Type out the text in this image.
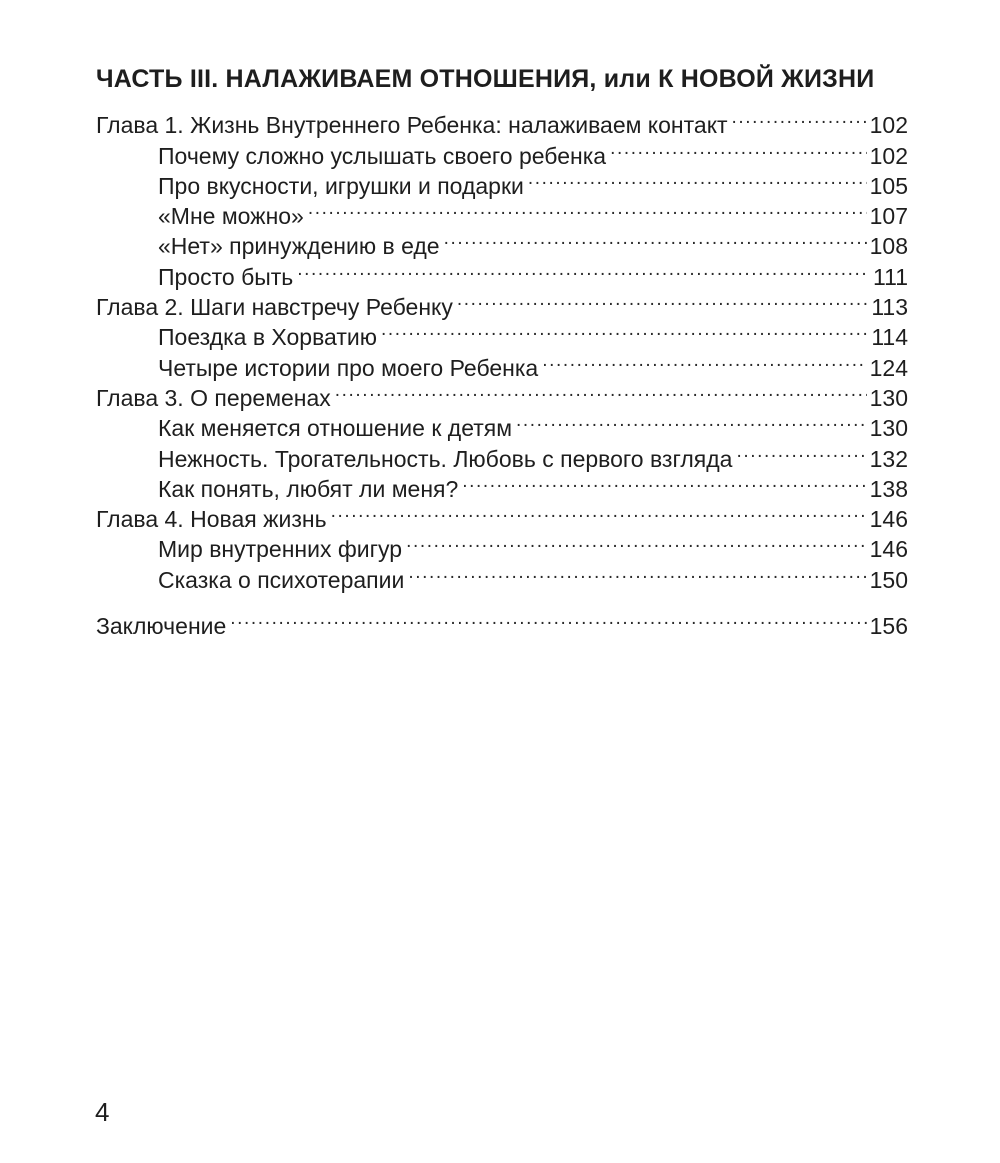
ЧАСТЬ III. НАЛАЖИВАЕМ ОТНОШЕНИЯ, или К НОВОЙ ЖИЗНИ
Глава 1. Жизнь Внутреннего Ребенка: налаживаем контакт .....	102
Почему сложно услышать своего ребенка .....	102
Про вкусности, игрушки и подарки .....	105
«Мне можно» .....	107
«Нет» принуждению в еде .....	108
Просто быть .....	111
Глава 2. Шаги навстречу Ребенку .....	113
Поездка в Хорватию .....	114
Четыре истории про моего Ребенка .....	124
Глава 3. О переменах .....	130
Как меняется отношение к детям .....	130
Нежность. Трогательность. Любовь с первого взгляда .....	132
Как понять, любят ли меня? .....	138
Глава 4. Новая жизнь .....	146
Мир внутренних фигур .....	146
Сказка о психотерапии .....	150
Заключение .....	156
4
